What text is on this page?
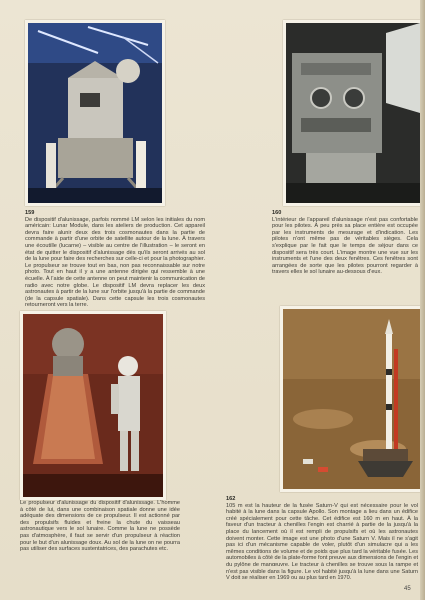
159
De dispositif d'alunissage, parfois nommé LM selon les initiales du nom américain: Lunar Module, dans les ateliers de production. Cet appareil devra faire alunir deux des trois cosmonautes dans la partie de commande à partir d'une orbite de satellite autour de la lune. À travers une écoutille (lucarne) – visible au centre de l'illustration – le seront en état de quitter le dispositif d'alunissage dès qu'ils seront arrivés au sol de la lune pour faire des recherches sur celle-ci et pour la photographier. Le propulseur se trouve tout en bas, non pas reconnaissable sur notre photo. Tout en haut il y a une antenne dirigée qui ressemble à une écuelle. À l'aide de cette antenne on peut maintenir la communication de radio avec notre globe. Le dispositif LM devra replacer les deux astronautes à partir de la lune sur l'orbite jusqu'à la partie de commande (de la capsule spatiale). Dans cette capsule les trois cosmonautes retourneront vers la terre.

160
L'intérieur de l'appareil d'alunissage n'est pas confortable pour les pilotes. À peu près sa place entière est occupée par les instruments de mesurage et d'indication. Les pilotes n'ont même pas de véritables sièges. Cela s'explique par le fait que le temps de séjour dans ce dispositif sera très court. L'image montre une vue sur les instruments et l'une des deux fenêtres. Ces fenêtres sont arrangées de sorte que les pilotes pourront regarder à travers elles le sol lunaire au-dessous d'eux.

Le propulseur d'alunissage du dispositif d'alunissage. L'homme à côté de lui, dans une combinaison spatiale donne une idée adéquate des dimensions de ce propulseur. Il est actionné par des propulsifs fluides et freine la chute du vaisseau astronautique vers le sol lunaire. Comme la lune ne possède pas d'atmosphère, il faut se servir d'un propulseur à réaction pour le but d'un alunissage doux. Au sol de la lune on ne pourra pas utiliser des surfaces sustentatrices, des parachutes etc.

162
105 m est la hauteur de la fusée Saturn-V qui est nécessaire pour le vol habité à la lune dans la capsule Apollo. Son montage a lieu dans un édifice créé spécialement pour cette tâche. Cet édifice est 160 m en haut. À la faveur d'un tracteur à chenilles l'engin est charrié à partie de la jusqu'à la place du lancement où il est rempli de propulsifs et où les astronautes doivent monter. Cette image est une photo d'une Saturn V. Mais il ne s'agit pas ici d'un mécanisme capable de voler, plutôt d'un simulacre qui a les mêmes conditions de volume et de poids que plus tard la véritable fusée. Les automobiles à côté de la plate-forme font preuve aux dimensions de l'engin et du pylône de manœuvre. Le tracteur à chenilles se trouve sous la rampe et n'est pas visible dans la figure. Le vol habité jusqu'à la lune dans une Saturn V doit se réaliser en 1969 ou au plus tard en 1970.

45
